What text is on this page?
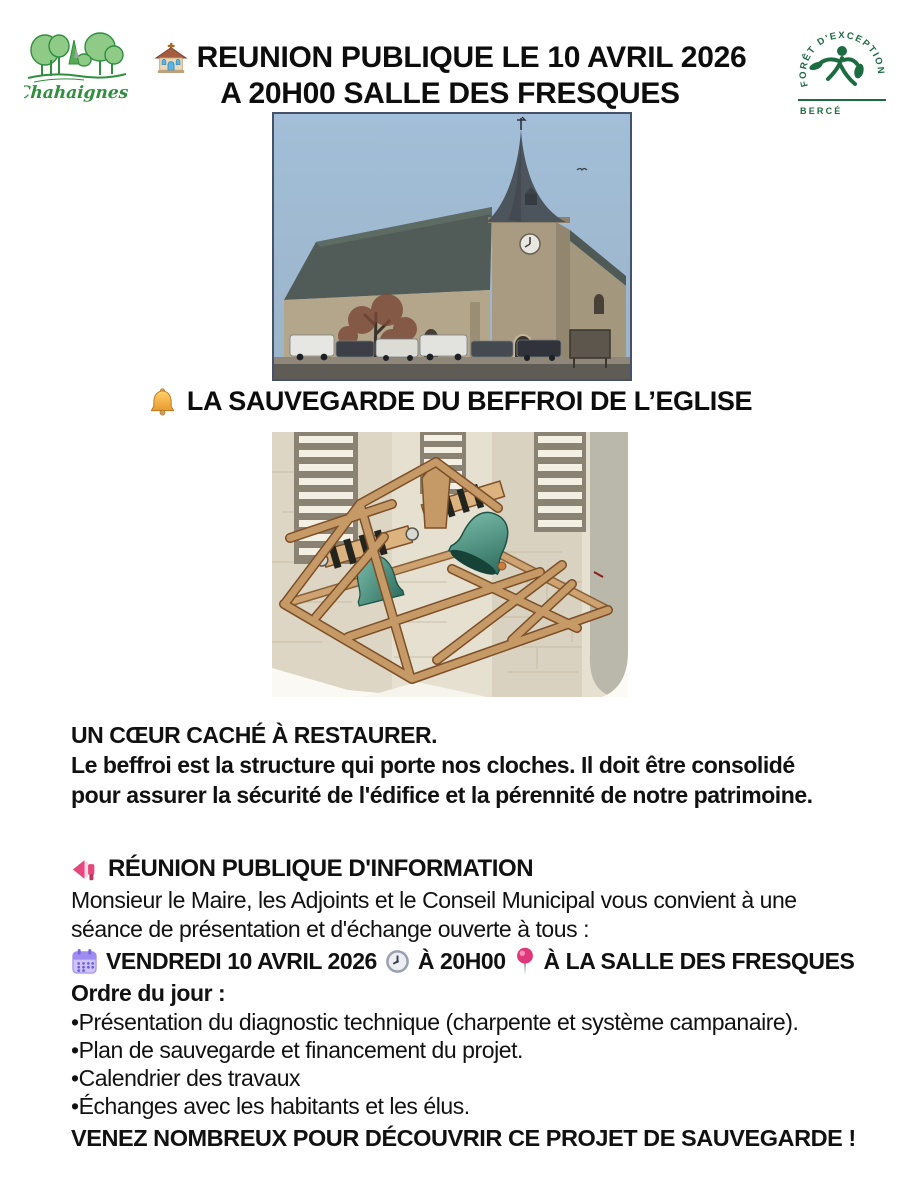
Chahaignes	FORÊT D'EXCEPTION
BERCÉ
REUNION PUBLIQUE LE 10 AVRIL 2026
A 20H00 SALLE DES FRESQUES
LA SAUVEGARDE DU BEFFROI DE L’EGLISE
UN CŒUR CACHÉ À RESTAURER.
Le beffroi est la structure qui porte nos cloches. Il doit être consolidé pour assurer la sécurité de l'édifice et la pérennité de notre patrimoine.
RÉUNION PUBLIQUE D'INFORMATION
Monsieur le Maire, les Adjoints et le Conseil Municipal vous convient à une séance de présentation et d'échange ouverte à tous :
VENDREDI 10 AVRIL 2026 À 20H00 À LA SALLE DES FRESQUES
Ordre du jour :
•Présentation du diagnostic technique (charpente et système campanaire).
•Plan de sauvegarde et financement du projet.
•Calendrier des travaux
•Échanges avec les habitants et les élus.
VENEZ NOMBREUX POUR DÉCOUVRIR CE PROJET DE SAUVEGARDE !
